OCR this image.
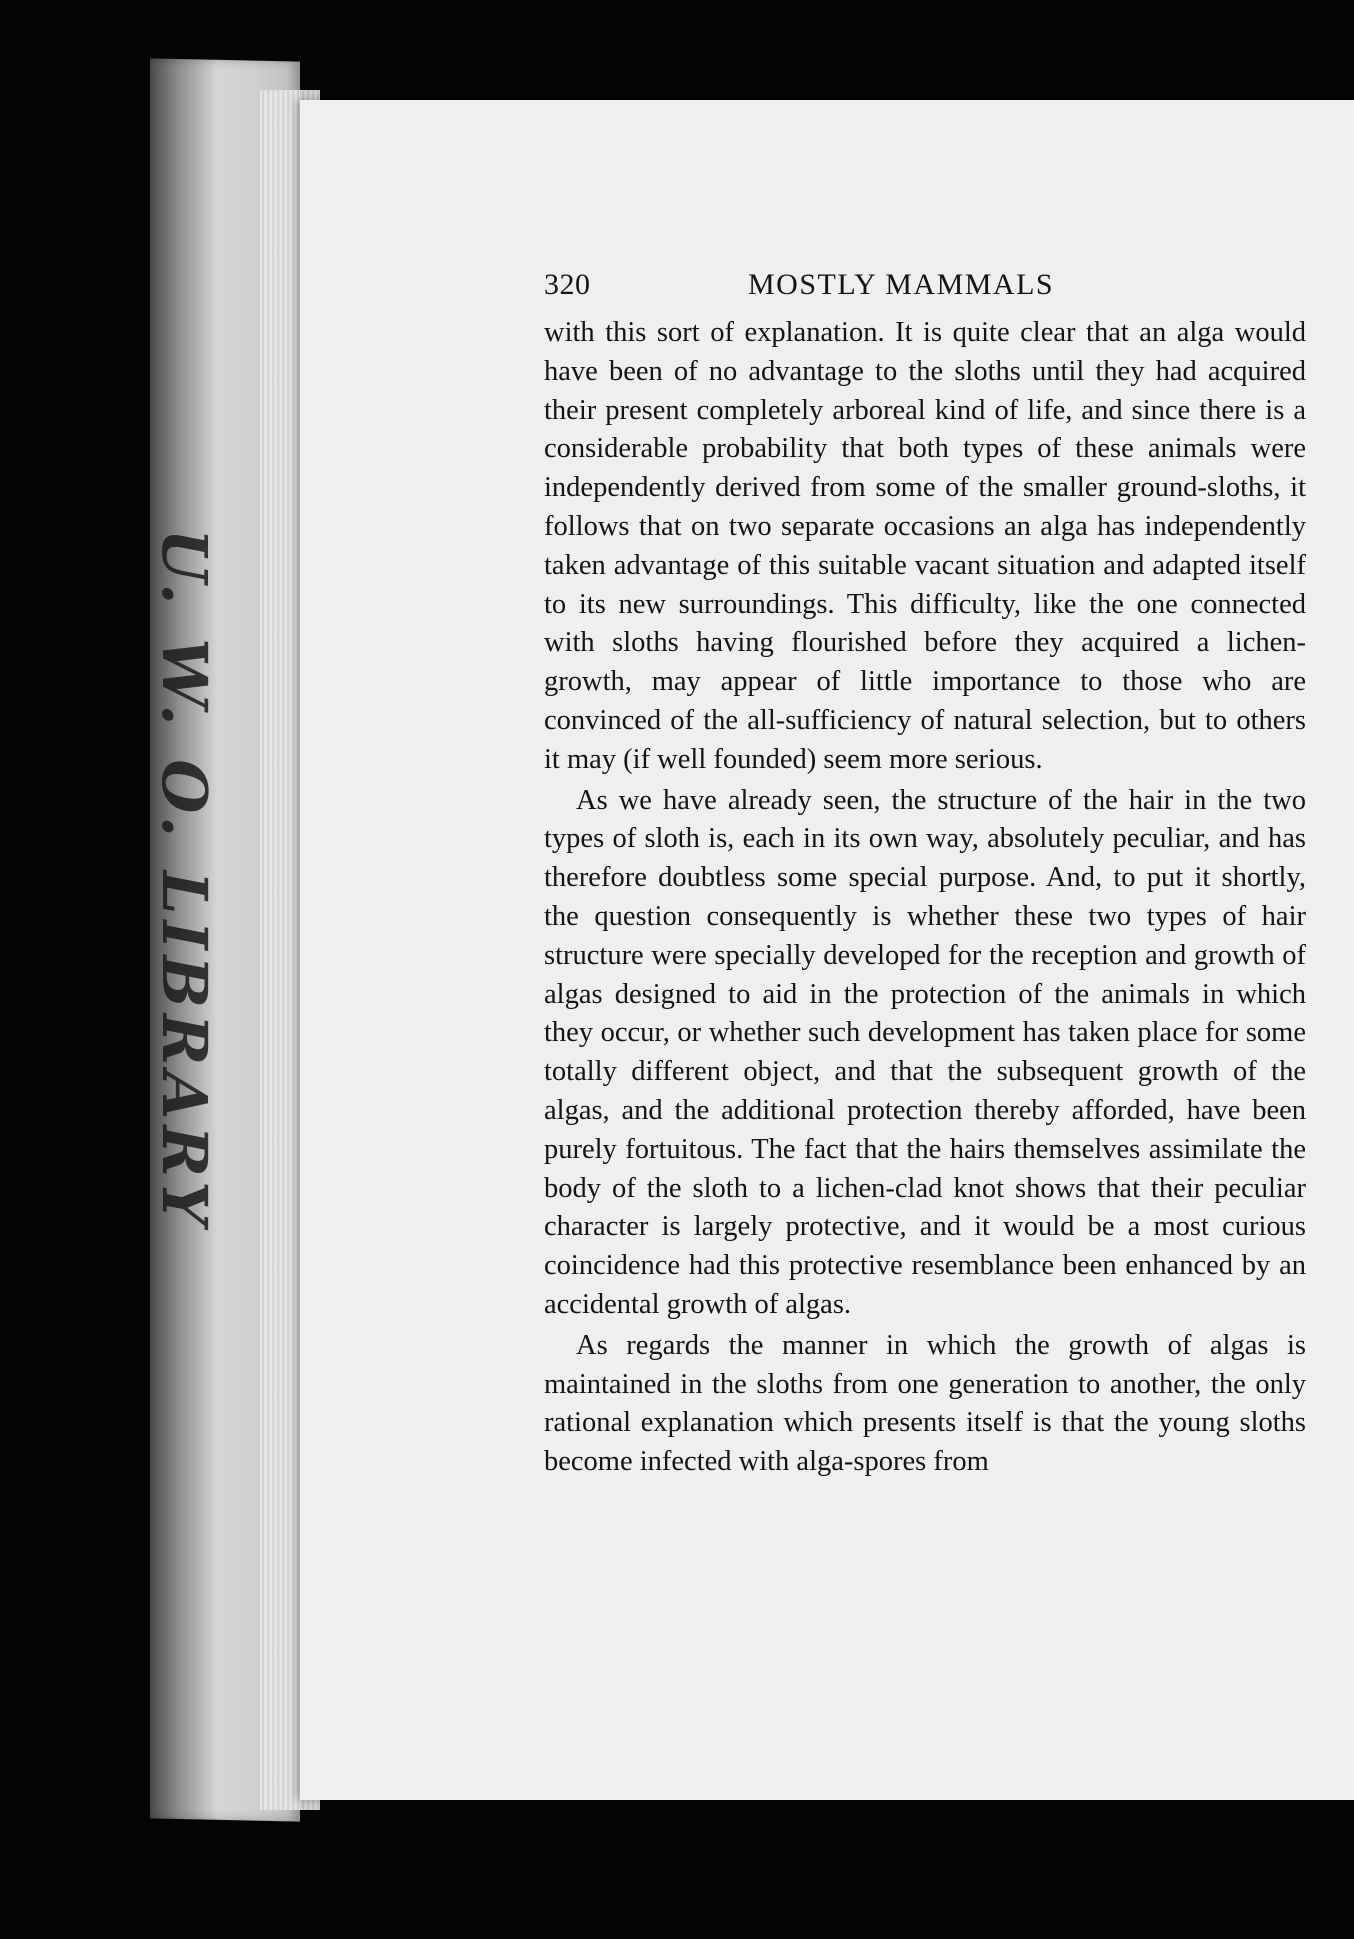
U. W. O. LIBRARY
320	MOSTLY MAMMALS

with this sort of explanation. It is quite clear that an alga would have been of no advantage to the sloths until they had acquired their present completely arboreal kind of life, and since there is a considerable probability that both types of these animals were independently derived from some of the smaller ground-sloths, it follows that on two separate occasions an alga has independently taken advantage of this suitable vacant situation and adapted itself to its new surroundings. This difficulty, like the one connected with sloths having flourished before they acquired a lichen-growth, may appear of little importance to those who are convinced of the all-sufficiency of natural selection, but to others it may (if well founded) seem more serious.

As we have already seen, the structure of the hair in the two types of sloth is, each in its own way, absolutely peculiar, and has therefore doubtless some special purpose. And, to put it shortly, the question consequently is whether these two types of hair structure were specially developed for the reception and growth of algas designed to aid in the protection of the animals in which they occur, or whether such development has taken place for some totally different object, and that the subsequent growth of the algas, and the additional protection thereby afforded, have been purely fortuitous. The fact that the hairs themselves assimilate the body of the sloth to a lichen-clad knot shows that their peculiar character is largely protective, and it would be a most curious coincidence had this protective resemblance been enhanced by an accidental growth of algas.

As regards the manner in which the growth of algas is maintained in the sloths from one generation to another, the only rational explanation which presents itself is that the young sloths become infected with alga-spores from
